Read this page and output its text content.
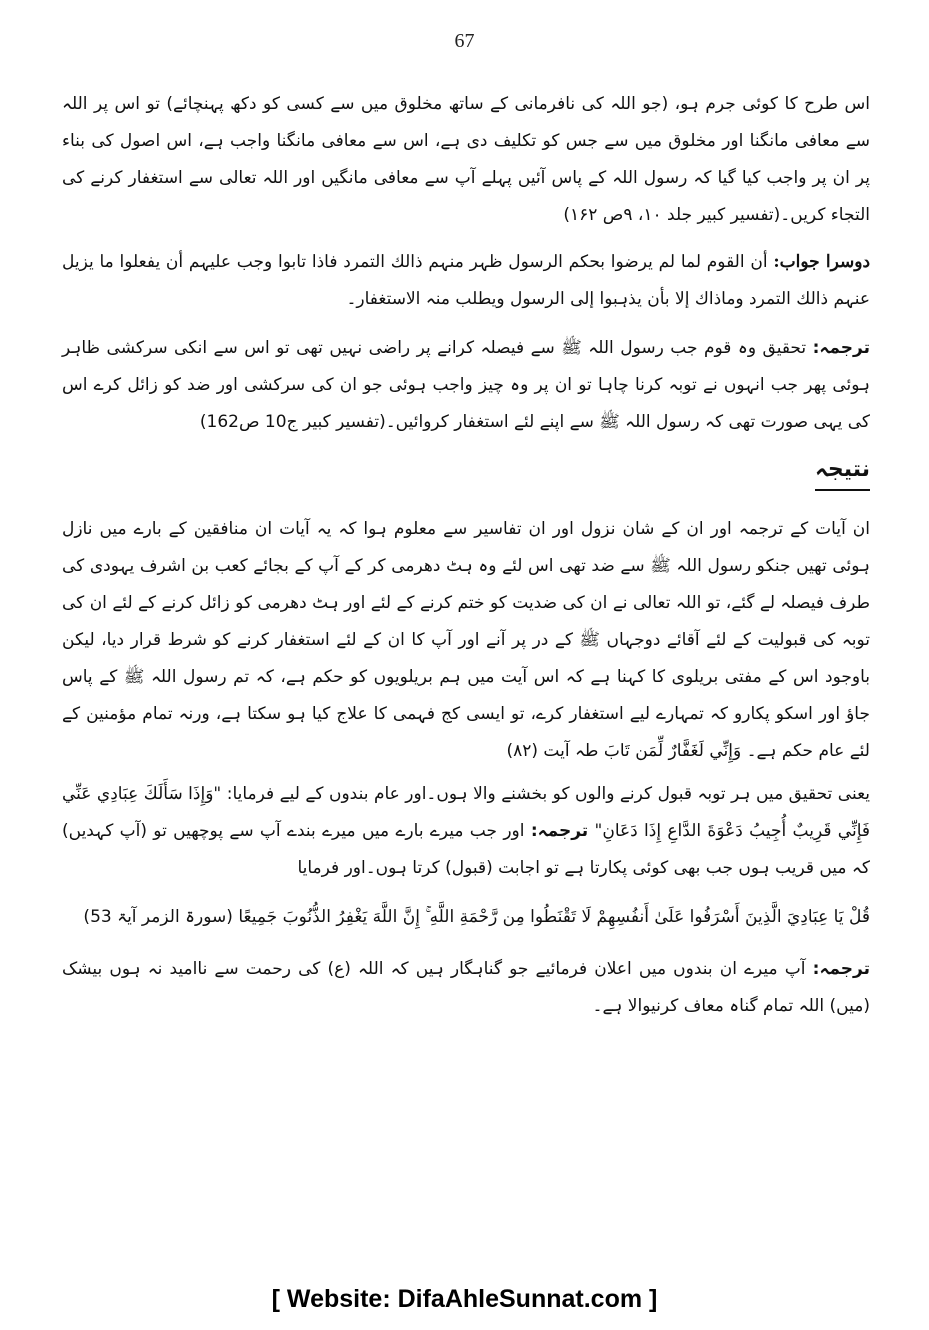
67

اس طرح کا کوئی جرم ہو، (جو اللہ کی نافرمانی کے ساتھ مخلوق میں سے کسی کو دکھ پہنچائے) تو اس پر اللہ سے معافی مانگنا اور مخلوق میں سے جس کو تکلیف دی ہے، اس سے معافی مانگنا واجب ہے، اس اصول کی بناء پر ان پر واجب کیا گیا کہ رسول اللہ کے پاس آئیں پہلے آپ سے معافی مانگیں اور اللہ تعالی سے استغفار کرنے کی التجاء کریں۔(تفسیر کبیر جلد ۱۰، ۹ص ۱۶۲)

دوسرا جواب: أن القوم لما لم یرضوا بحکم الرسول ظہر منہم ذالك التمرد فاذا تابوا وجب علیہم أن یفعلوا ما یزیل عنہم ذالك التمرد وماذاك إلا بأن یذہبوا إلی الرسول ویطلب منہ الاستغفار۔

ترجمہ: تحقیق وہ قوم جب رسول اللہ ﷺ سے فیصلہ کرانے پر راضی نہیں تھی تو اس سے انکی سرکشی ظاہر ہوئی پھر جب انہوں نے توبہ کرنا چاہا تو ان پر وہ چیز واجب ہوئی جو ان کی سرکشی اور ضد کو زائل کرے اس کی یہی صورت تھی کہ رسول اللہ ﷺ سے اپنے لئے استغفار کروائیں۔(تفسیر کبیر ج10 ص162)

نتیجہ

ان آیات کے ترجمہ اور ان کے شان نزول اور ان تفاسیر سے معلوم ہوا کہ یہ آیات ان منافقین کے بارے میں نازل ہوئی تھیں جنکو رسول اللہ ﷺ سے ضد تھی اس لئے وہ ہٹ دھرمی کر کے آپ کے بجائے کعب بن اشرف یہودی کی طرف فیصلہ لے گئے، تو اللہ تعالی نے ان کی ضدیت کو ختم کرنے کے لئے اور ہٹ دھرمی کو زائل کرنے کے لئے ان کی توبہ کی قبولیت کے لئے آقائے دوجہاں ﷺ کے در پر آنے اور آپ کا ان کے لئے استغفار کرنے کو شرط قرار دیا، لیکن باوجود اس کے مفتی بریلوی کا کہنا ہے کہ اس آیت میں ہم بریلویوں کو حکم ہے، کہ تم رسول اللہ ﷺ کے پاس جاؤ اور اسکو پکارو کہ تمہارے لیے استغفار کرے، تو ایسی کج فہمی کا علاج کیا ہو سکتا ہے، ورنہ تمام مؤمنین کے لئے عام حکم ہے۔ وَإِنِّي لَغَفَّارٌ لِّمَن تَابَ طہ آیت (۸۲)

یعنی تحقیق میں ہر توبہ قبول کرنے والوں کو بخشنے والا ہوں۔اور عام بندوں کے لیے فرمایا: "وَإِذَا سَأَلَكَ عِبَادِي عَنِّي فَإِنِّي قَرِيبٌ أُجِيبُ دَعْوَةَ الدَّاعِ إِذَا دَعَانِ" ترجمہ: اور جب میرے بارے میں میرے بندے آپ سے پوچھیں تو (آپ کہدیں) کہ میں قریب ہوں جب بھی کوئی پکارتا ہے تو اجابت (قبول) کرتا ہوں۔اور فرمایا

قُلْ يَا عِبَادِيَ الَّذِينَ أَسْرَفُوا عَلَىٰ أَنفُسِهِمْ لَا تَقْنَطُوا مِن رَّحْمَةِ اللَّهِ ۚ إِنَّ اللَّهَ يَغْفِرُ الذُّنُوبَ جَمِيعًا (سورۃ الزمر آیۃ 53)

ترجمہ: آپ میرے ان بندوں میں اعلان فرمائیے جو گناہگار ہیں کہ اللہ (ع) کی رحمت سے ناامید نہ ہوں بیشک (میں) اللہ تمام گناہ معاف کرنیوالا ہے۔

[ Website: DifaAhleSunnat.com ]
